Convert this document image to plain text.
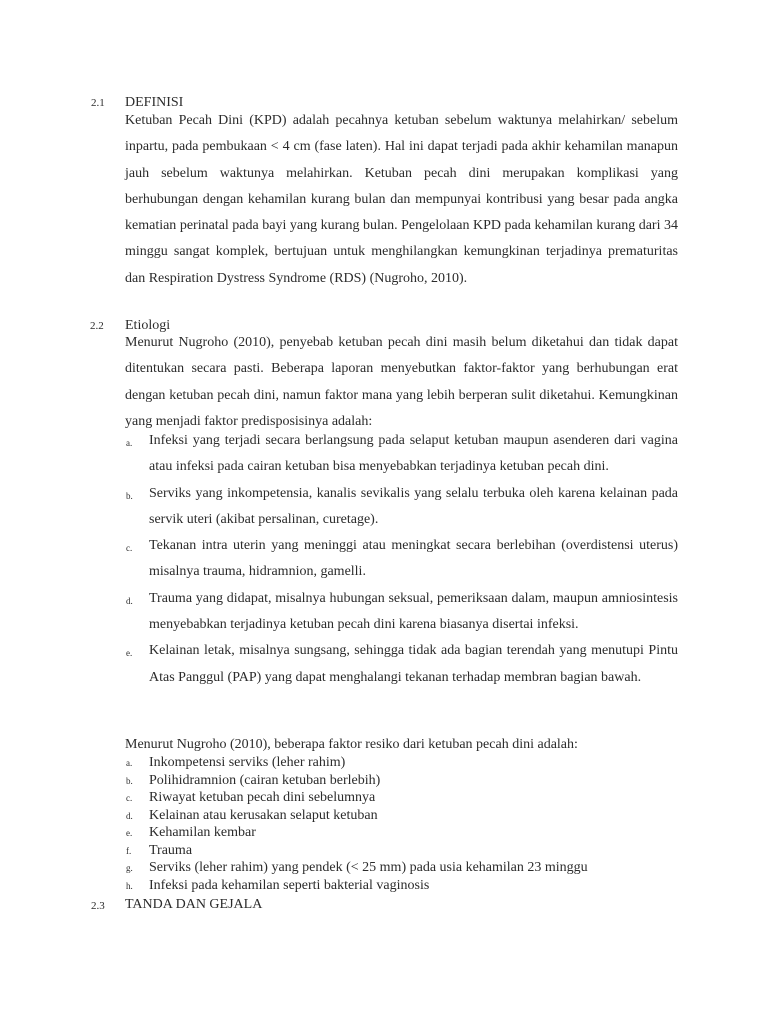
2.1 DEFINISI
Ketuban Pecah Dini (KPD) adalah pecahnya ketuban sebelum waktunya melahirkan/ sebelum inpartu, pada pembukaan < 4 cm (fase laten). Hal ini dapat terjadi pada akhir kehamilan manapun jauh sebelum waktunya melahirkan. Ketuban pecah dini merupakan komplikasi yang berhubungan dengan kehamilan kurang bulan dan mempunyai kontribusi yang besar pada angka kematian perinatal pada bayi yang kurang bulan. Pengelolaan KPD pada kehamilan kurang dari 34 minggu sangat komplek, bertujuan untuk menghilangkan kemungkinan terjadinya prematuritas dan Respiration Dystress Syndrome (RDS) (Nugroho, 2010).
2.2 Etiologi
Menurut Nugroho (2010), penyebab ketuban pecah dini masih belum diketahui dan tidak dapat ditentukan secara pasti. Beberapa laporan menyebutkan faktor-faktor yang berhubungan erat dengan ketuban pecah dini, namun faktor mana yang lebih berperan sulit diketahui. Kemungkinan yang menjadi faktor predisposisinya adalah:
a. Infeksi yang terjadi secara berlangsung pada selaput ketuban maupun asenderen dari vagina atau infeksi pada cairan ketuban bisa menyebabkan terjadinya ketuban pecah dini.
b. Serviks yang inkompetensia, kanalis sevikalis yang selalu terbuka oleh karena kelainan pada servik uteri (akibat persalinan, curetage).
c. Tekanan intra uterin yang meninggi atau meningkat secara berlebihan (overdistensi uterus) misalnya trauma, hidramnion, gamelli.
d. Trauma yang didapat, misalnya hubungan seksual, pemeriksaan dalam, maupun amniosintesis menyebabkan terjadinya ketuban pecah dini karena biasanya disertai infeksi.
e. Kelainan letak, misalnya sungsang, sehingga tidak ada bagian terendah yang menutupi Pintu Atas Panggul (PAP) yang dapat menghalangi tekanan terhadap membran bagian bawah.
Menurut Nugroho (2010), beberapa faktor resiko dari ketuban pecah dini adalah:
a. Inkompetensi serviks (leher rahim)
b. Polihidramnion (cairan ketuban berlebih)
c. Riwayat ketuban pecah dini sebelumnya
d. Kelainan atau kerusakan selaput ketuban
e. Kehamilan kembar
f. Trauma
g. Serviks (leher rahim) yang pendek (< 25 mm) pada usia kehamilan 23 minggu
h. Infeksi pada kehamilan seperti bakterial vaginosis
2.3 TANDA DAN GEJALA
